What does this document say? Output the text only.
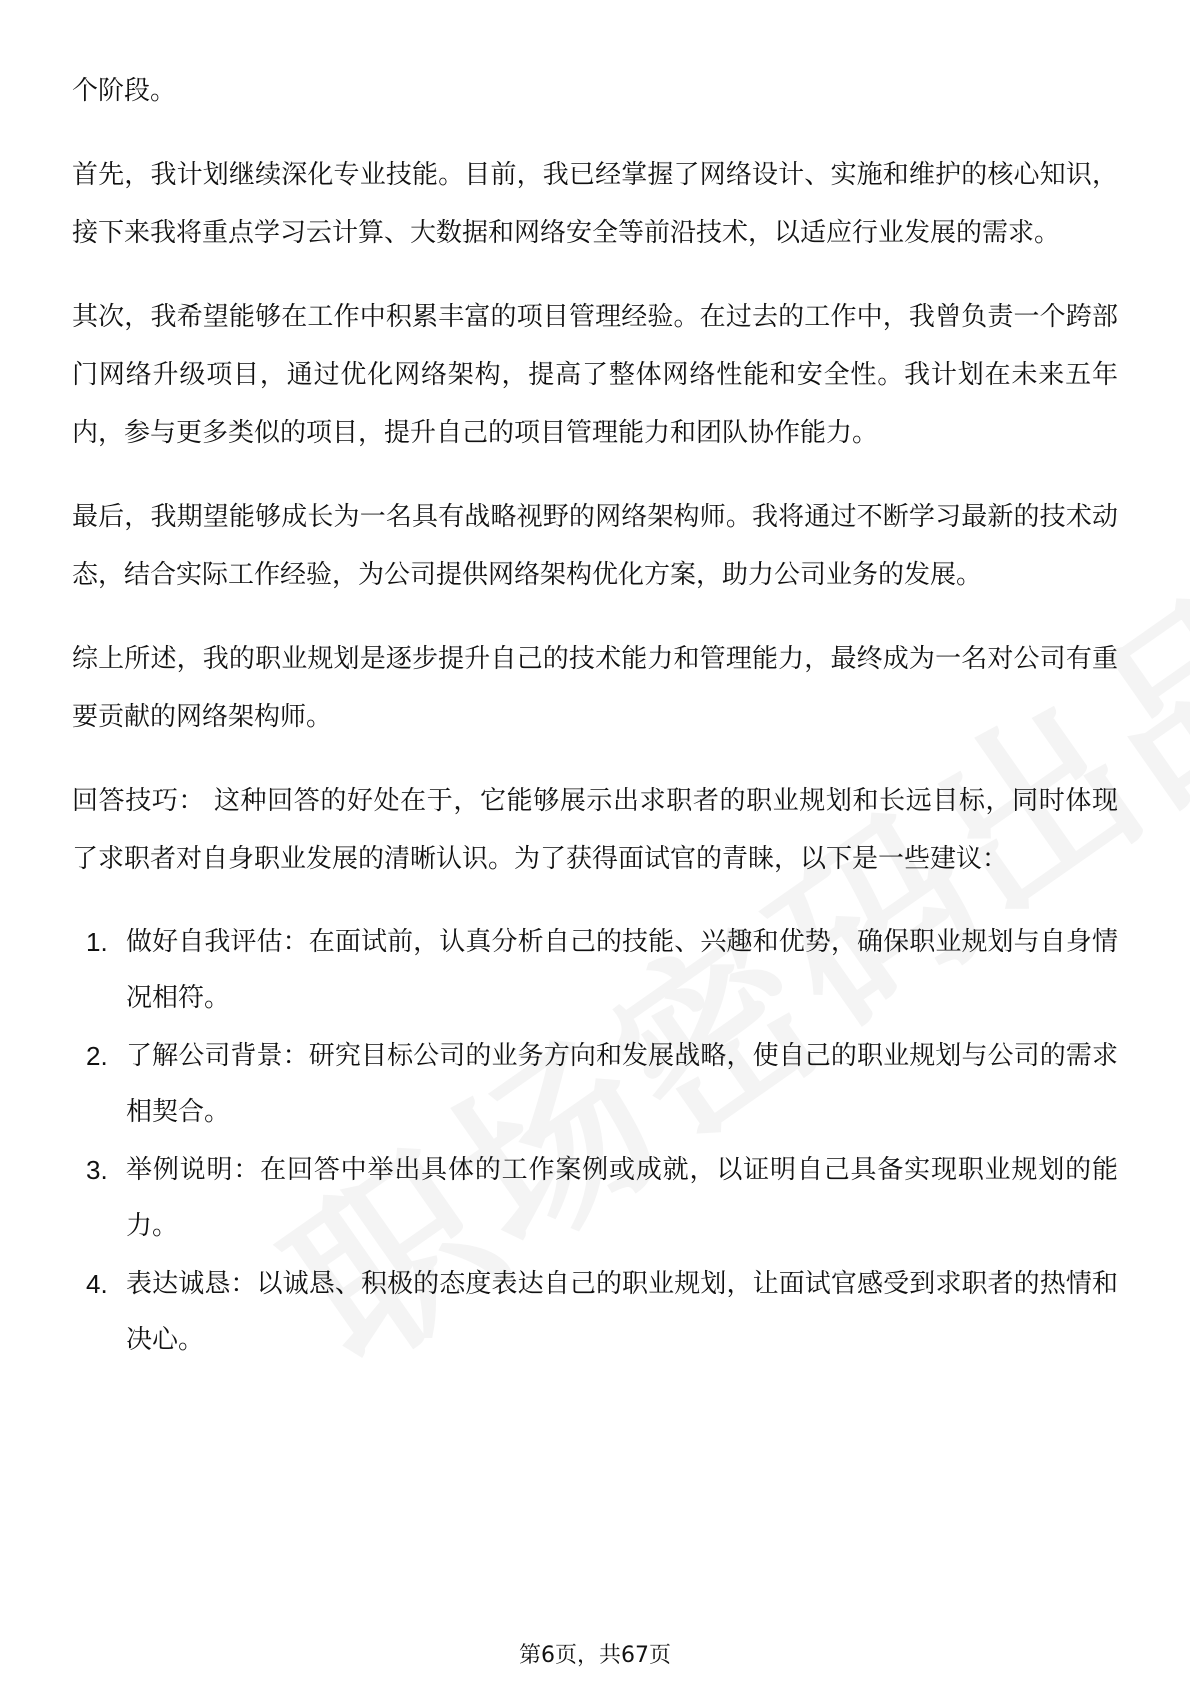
个阶段。

首先，我计划继续深化专业技能。目前，我已经掌握了网络设计、实施和维护的核心知识，接下来我将重点学习云计算、大数据和网络安全等前沿技术，以适应行业发展的需求。

其次，我希望能够在工作中积累丰富的项目管理经验。在过去的工作中，我曾负责一个跨部门网络升级项目，通过优化网络架构，提高了整体网络性能和安全性。我计划在未来五年内，参与更多类似的项目，提升自己的项目管理能力和团队协作能力。

最后，我期望能够成长为一名具有战略视野的网络架构师。我将通过不断学习最新的技术动态，结合实际工作经验，为公司提供网络架构优化方案，助力公司业务的发展。

综上所述，我的职业规划是逐步提升自己的技术能力和管理能力，最终成为一名对公司有重要贡献的网络架构师。

回答技巧： 这种回答的好处在于，它能够展示出求职者的职业规划和长远目标，同时体现了求职者对自身职业发展的清晰认识。为了获得面试官的青睐，以下是一些建议：

1. 做好自我评估：在面试前，认真分析自己的技能、兴趣和优势，确保职业规划与自身情况相符。
2. 了解公司背景：研究目标公司的业务方向和发展战略，使自己的职业规划与公司的需求相契合。
3. 举例说明：在回答中举出具体的工作案例或成就，以证明自己具备实现职业规划的能力。
4. 表达诚恳：以诚恳、积极的态度表达自己的职业规划，让面试官感受到求职者的热情和决心。
第6页，共67页
